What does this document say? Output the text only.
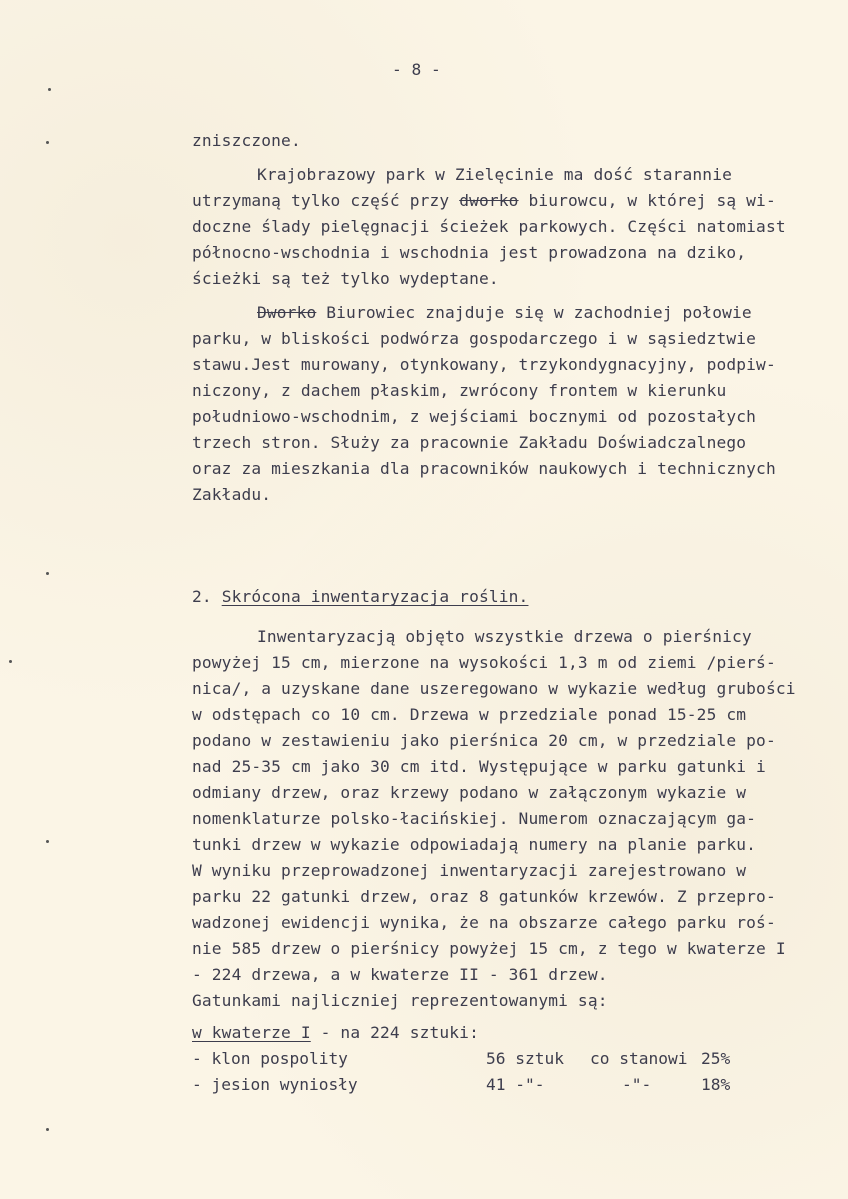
- 8 -
zniszczone.
Krajobrazowy park w Zielęcinie ma dość starannie
utrzymaną tylko część przy dworko biurowcu, w której są wi-
doczne ślady pielęgnacji ścieżek parkowych. Części natomiast
północno-wschodnia i wschodnia jest prowadzona na dziko,
ścieżki są też tylko wydeptane.
Dworko Biurowiec znajduje się w zachodniej połowie
parku, w bliskości podwórza gospodarczego i w sąsiedztwie
stawu.Jest murowany, otynkowany, trzykondygnacyjny, podpiw-
niczony, z dachem płaskim, zwrócony frontem w kierunku
południowo-wschodnim, z wejściami bocznymi od pozostałych
trzech stron. Służy za pracownie Zakładu Doświadczalnego
oraz za mieszkania dla pracowników naukowych i technicznych
Zakładu.
2. Skrócona inwentaryzacja roślin.
Inwentaryzacją objęto wszystkie drzewa o pierśnicy
powyżej 15 cm, mierzone na wysokości 1,3 m od ziemi /pierś-
nica/, a uzyskane dane uszeregowano w wykazie według grubości
w odstępach co 10 cm. Drzewa w przedziale ponad 15-25 cm
podano w zestawieniu jako pierśnica 20 cm, w przedziale po-
nad 25-35 cm jako 30 cm itd. Występujące w parku gatunki i
odmiany drzew, oraz krzewy podano w załączonym wykazie w
nomenklaturze polsko-łacińskiej. Numerom oznaczającym ga-
tunki drzew w wykazie odpowiadają numery na planie parku.
W wyniku przeprowadzonej inwentaryzacji zarejestrowano w
parku 22 gatunki drzew, oraz 8 gatunków krzewów. Z przepro-
wadzonej ewidencji wynika, że na obszarze całego parku roś-
nie 585 drzew o pierśnicy powyżej 15 cm, z tego w kwaterze I
- 224 drzewa, a w kwaterze II - 361 drzew.
Gatunkami najliczniej reprezentowanymi są:
w kwaterze I - na 224 sztuki:
- klon pospolity	56 sztuk co stanowi 25%
- jesion wyniosły	41 -"-	-"-	18%
